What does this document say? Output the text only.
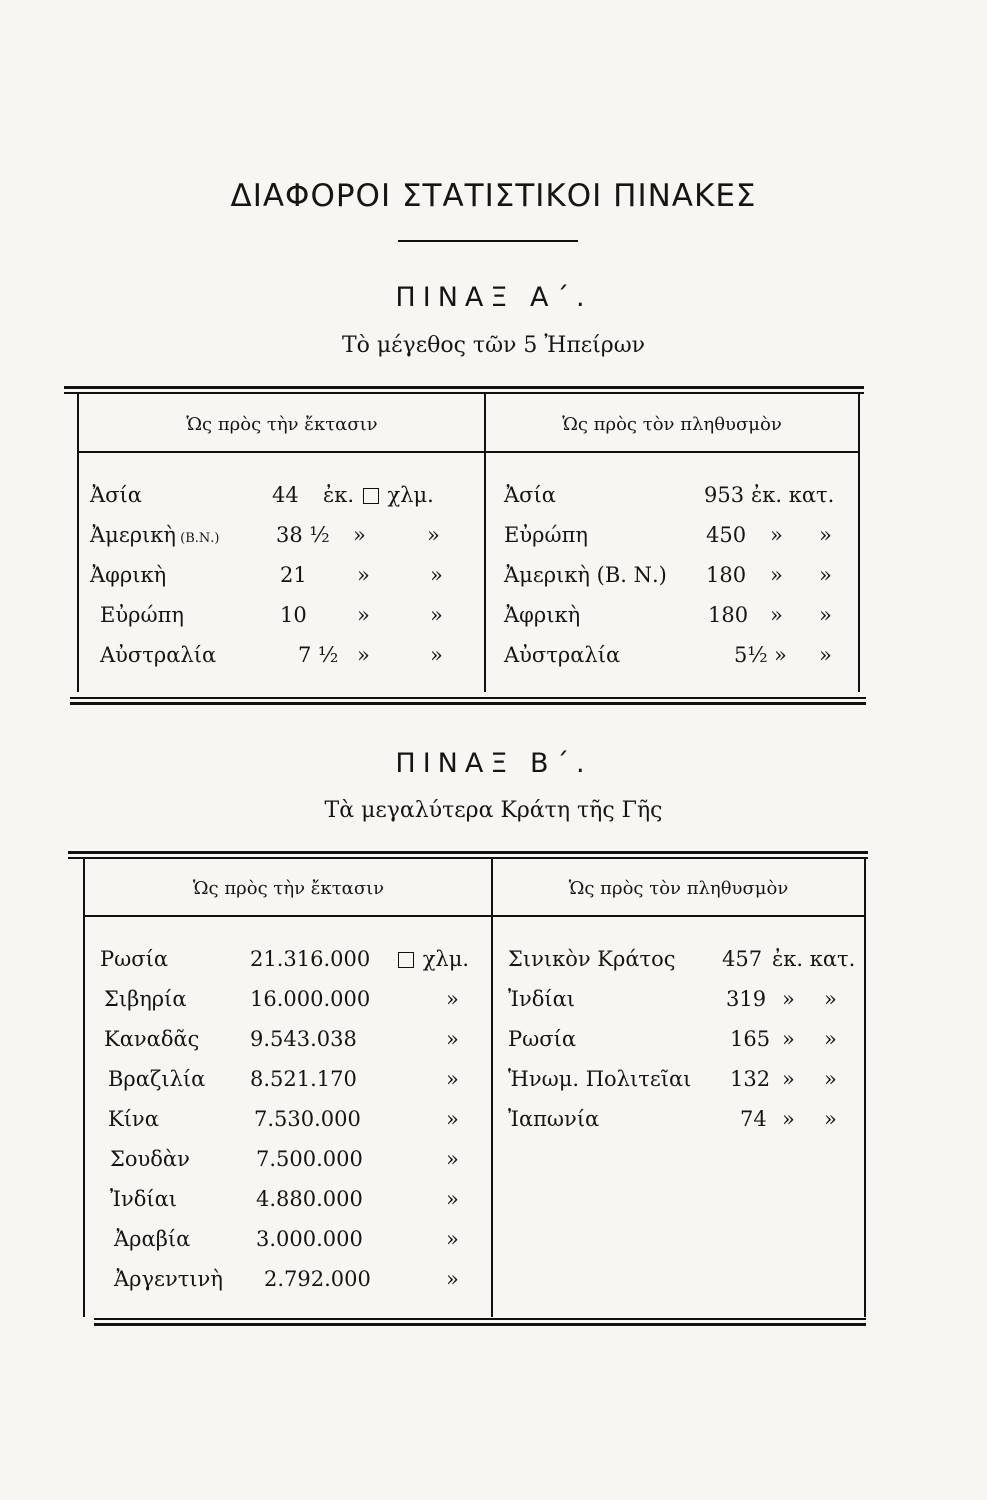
ΔΙΑΦΟΡΟΙ ΣΤΑΤΙΣΤΙΚΟΙ ΠΙΝΑΚΕΣ
ΠΙΝΑΞ Α΄.
Τὸ μέγεθος τῶν 5 Ἠπείρων
Ὡς πρὸς τὴν ἔκτασιν	Ὡς πρὸς τὸν πληθυσμὸν
Ἀσία	44 ἐκ. χλμ.
Ἀμερικὴ (Β.Ν.)	38 ½ »	»
Ἀφρικὴ	21 »	»
Εὐρώπη	10 »	»
Αὐστραλία	7 ½ »	»
Ἀσία	953 ἐκ. κατ.
Εὐρώπη	450 » »
Ἀμερικὴ (Β. Ν.) 180 » »
Ἀφρικὴ	180 » »
Αὐστραλία	5½ » »
ΠΙΝΑΞ Β΄.
Τὰ μεγαλύτερα Κράτη τῆς Γῆς
Ὡς πρὸς τὴν ἔκτασιν	Ὡς πρὸς τὸν πληθυσμὸν
Ρωσία	21.316.000	χλμ.
Σιβηρία	16.000.000	»
Καναδᾶς 9.543.038	»
Βραζιλία 8.521.170	»
Κίνα	7.530.000	»
Σουδὰν	7.500.000	»
Ἰνδίαι	4.880.000	»
Ἀραβία	3.000.000	»
Ἀργεντινὴ 2.792.000	»
Σινικὸν Κράτος 457 ἐκ. κατ.
Ἰνδίαι	319 » »
Ρωσία	165 » »
Ἡνωμ. Πολιτεῖαι 132 » »
Ἰαπωνία	74 » »
